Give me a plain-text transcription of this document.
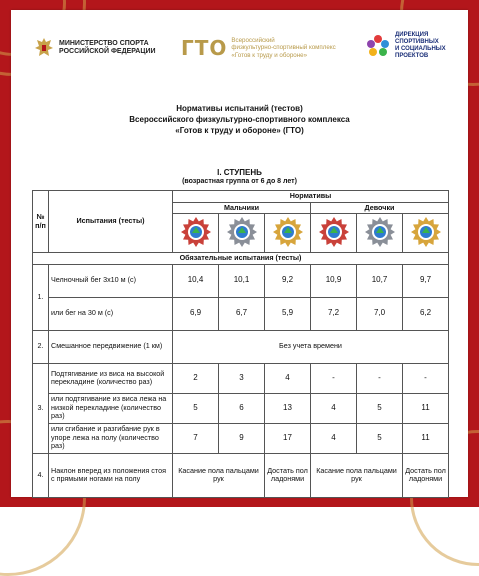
МИНИСТЕРСТВО СПОРТА
РОССИЙСКОЙ ФЕДЕРАЦИИ ГТО Всероссийский
физкультурно-спортивный комплекс
«Готов к труду и обороне»
ДИРЕКЦИЯ
СПОРТИВНЫХ
И СОЦИАЛЬНЫХ
ПРОЕКТОВ
Нормативы испытаний (тестов)
Всероссийского физкультурно-спортивного комплекса
«Готов к труду и обороне» (ГТО)
I. СТУПЕНЬ
(возрастная группа от 6 до 8 лет)
№ п/п	Испытания (тесты)	Нормативы					
		Мальчики			Девочки		

Обязательные испытания (тесты)							
1.	Челночный бег 3х10 м (с)	10,4	10,1	9,2	10,9	10,7	9,7
	или бег на 30 м (с)	6,9	6,7	5,9	7,2	7,0	6,2
2.	Смешанное передвижение (1 км)	Без учета времени					
3.	Подтягивание из виса на высокой перекладине (количество раз)	2	3	4	-	-	-
	или подтягивание из виса лежа на низкой перекладине (количество раз)	5	6	13	4	5	11
	или сгибание и разгибание рук в упоре лежа на полу (количество раз)	7	9	17	4	5	11
4.	Наклон вперед из положения стоя с прямыми ногами на полу	Касание пола пальцами рук		Достать пол ладонями	Касание пола пальцами рук		Достать пол ладонями
